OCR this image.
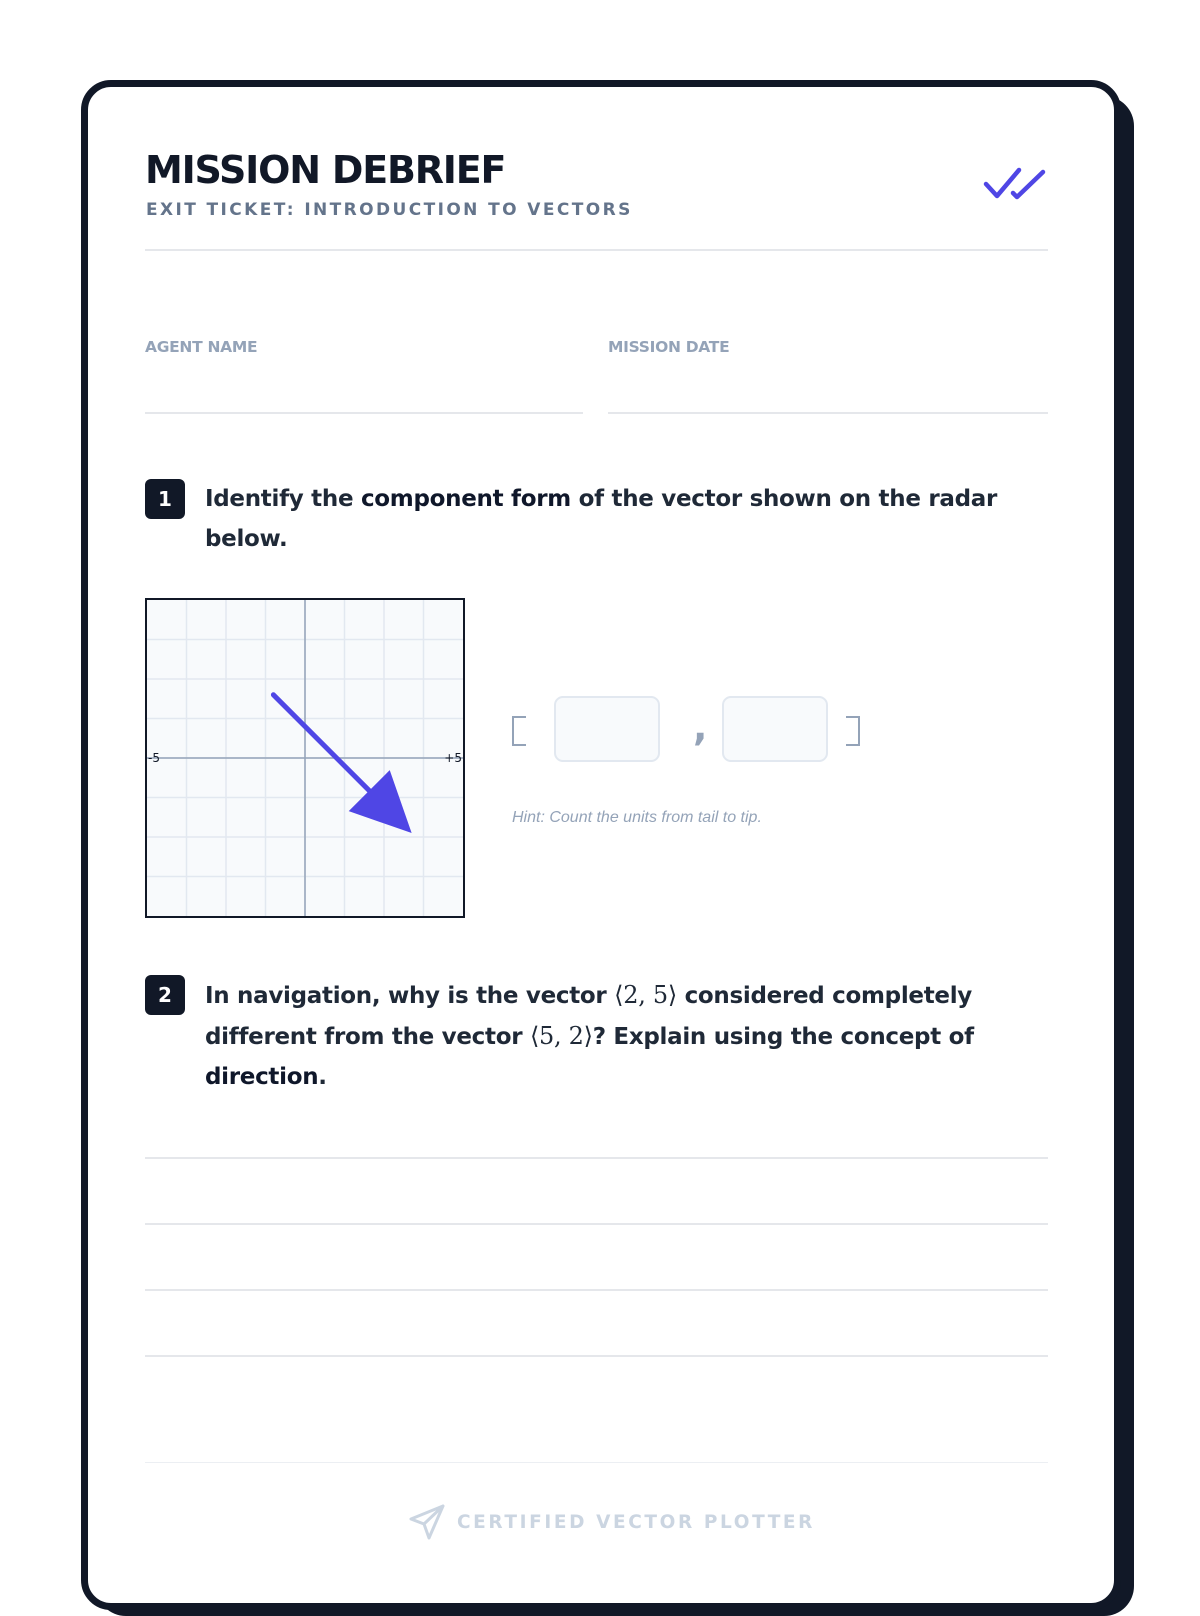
MISSION DEBRIEF
EXIT TICKET: INTRODUCTION TO VECTORS
AGENT NAME	MISSION DATE
1	Identify the component form of the vector shown on the radar below.
-5	+5
,
Hint: Count the units from tail to tip.
2	In navigation, why is the vector ⟨2, 5⟩ considered completely different from the vector ⟨5, 2⟩? Explain using the concept of direction.
CERTIFIED VECTOR PLOTTER
